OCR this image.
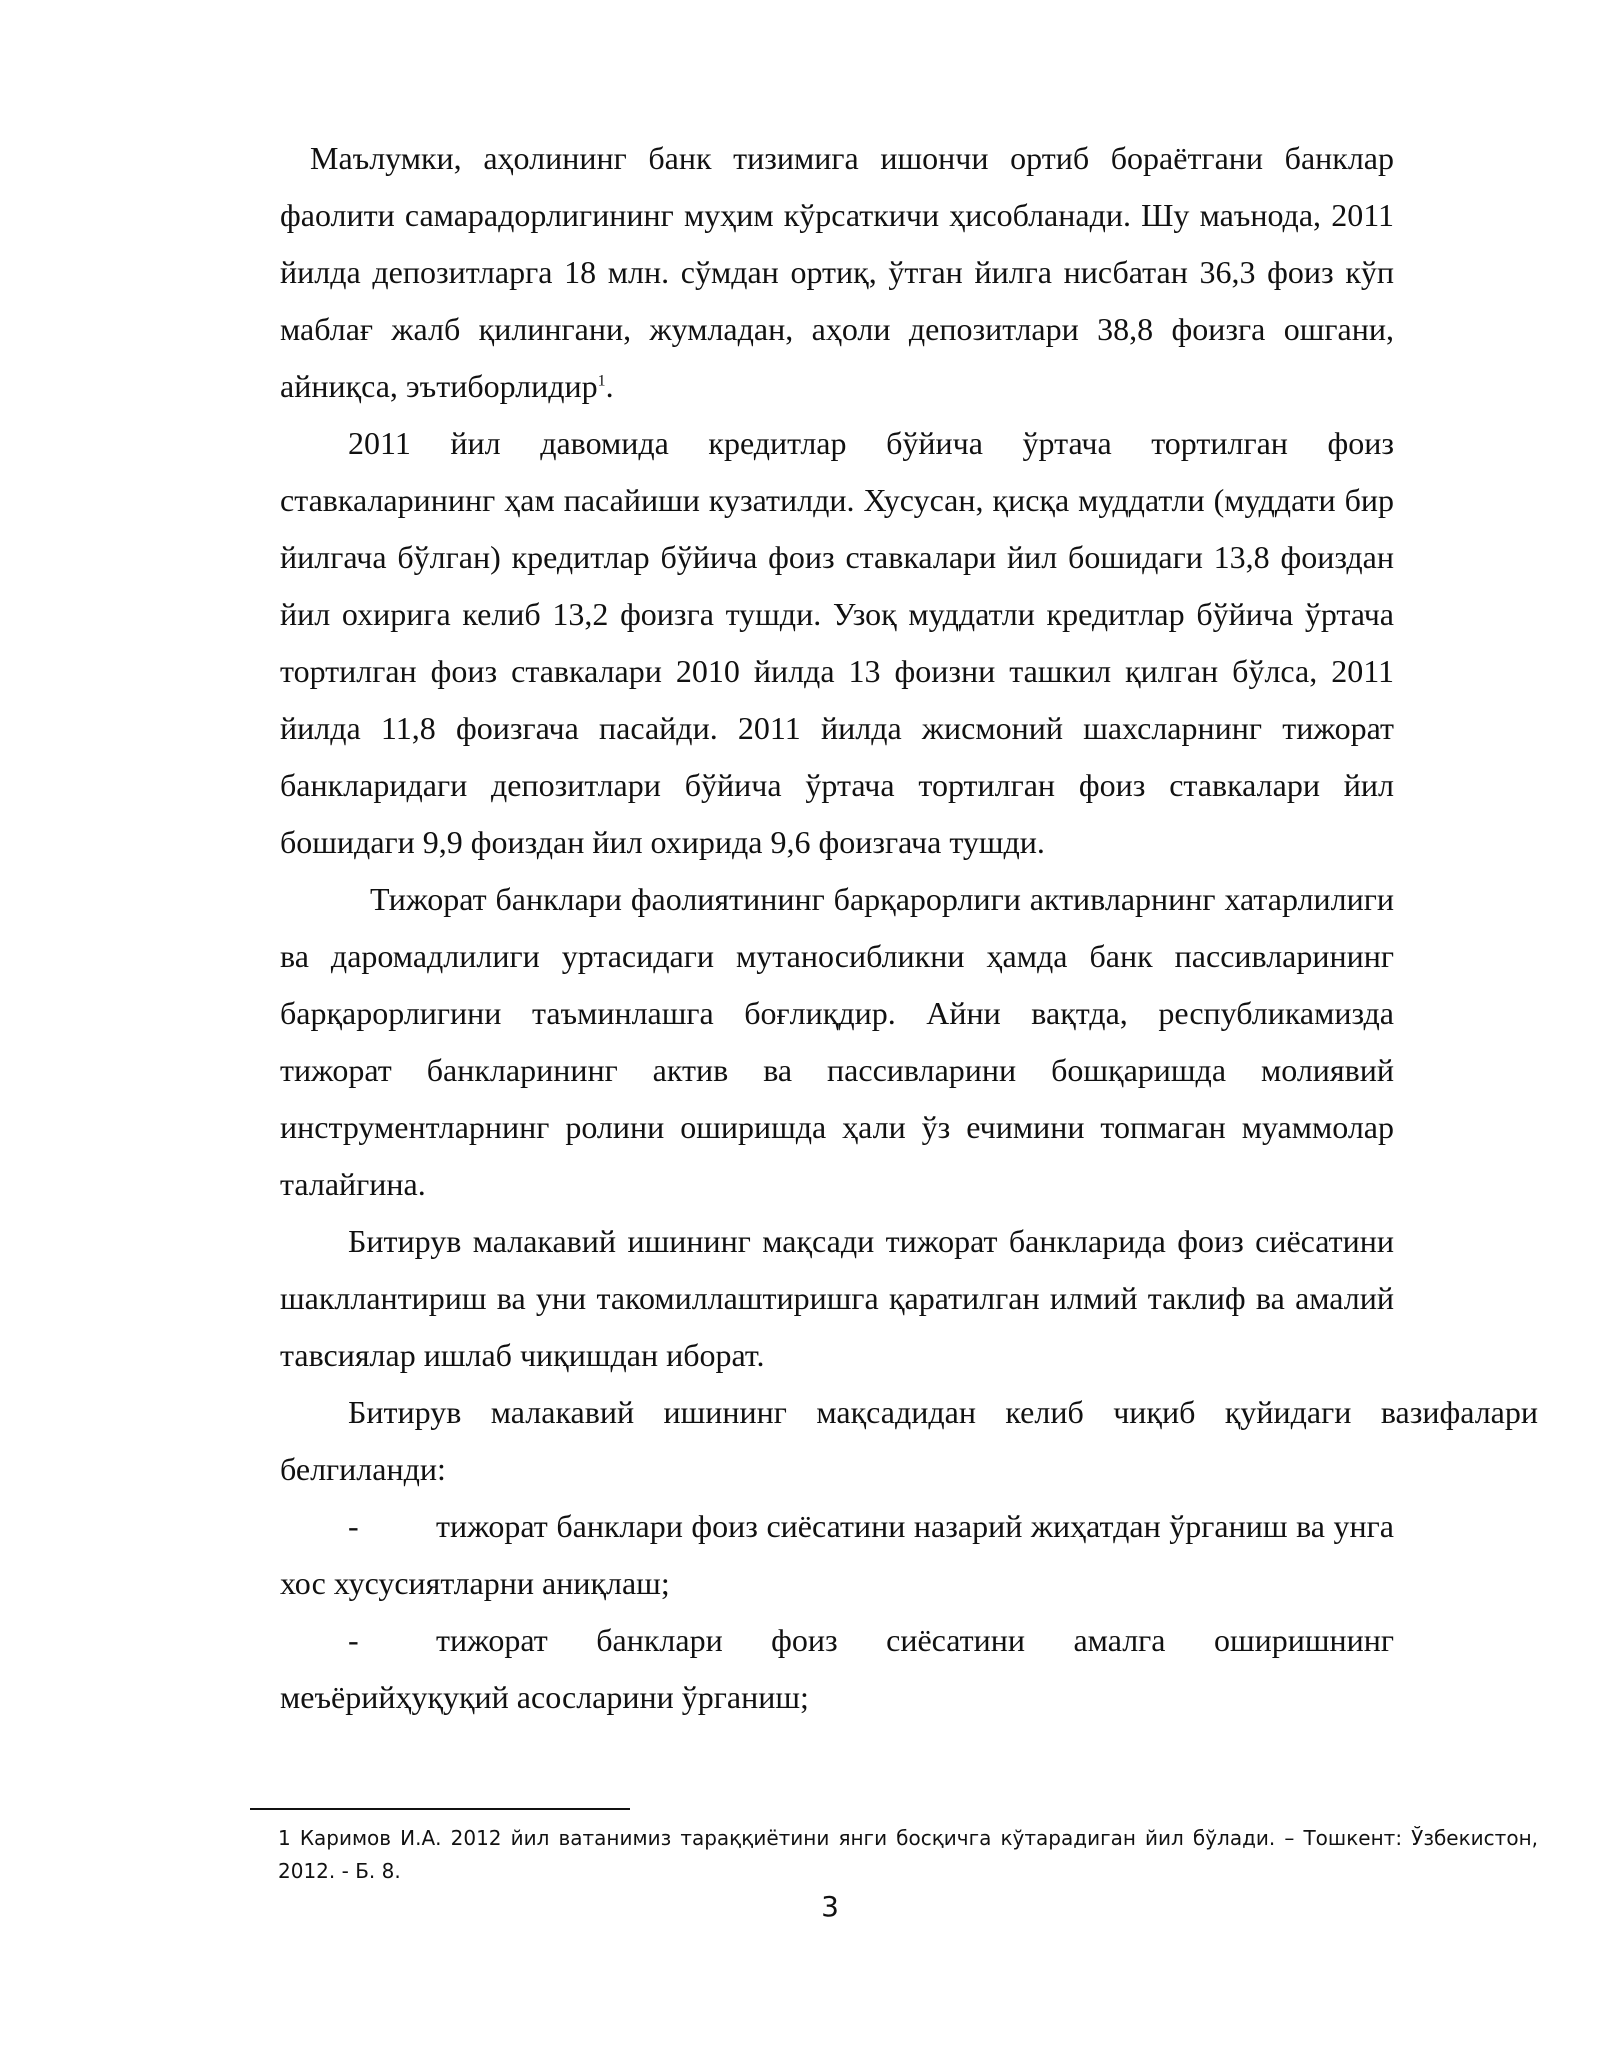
Маълумки, аҳолининг банк тизимига ишончи ортиб бораётгани банклар фаолити самарадорлигининг муҳим кўрсаткичи ҳисобланади. Шу маънода, 2011 йилда депозитларга 18 млн. сўмдан ортиқ, ўтган йилга нисбатан 36,3 фоиз кўп маблағ жалб қилингани, жумладан, аҳоли депозитлари 38,8 фоизга ошгани, айниқса, эътиборлидир$^1$.

2011 йил давомида кредитлар бўйича ўртача тортилган фоиз ставкаларининг ҳам пасайиши кузатилди. Хусусан, қисқа муддатли (муддати бир йилгача бўлган) кредитлар бўйича фоиз ставкалари йил бошидаги 13,8 фоиздан йил охирига келиб 13,2 фоизга тушди. Узоқ муддатли кредитлар бўйича ўртача тортилган фоиз ставкалари 2010 йилда 13 фоизни ташкил қилган бўлса, 2011 йилда 11,8 фоизгача пасайди. 2011 йилда жисмоний шахсларнинг тижорат банкларидаги депозитлари бўйича ўртача тортилган фоиз ставкалари йил бошидаги 9,9 фоиздан йил охирида 9,6 фоизгача тушди.

Тижорат банклари фаолиятининг барқарорлиги активларнинг хатарлилиги ва даромадлилиги уртасидаги мутаносибликни ҳамда банк пассивларининг барқарорлигини таъминлашга боғлиқдир. Айни вақтда, республикамизда тижорат банкларининг актив ва пассивларини бошқаришда молиявий инструментларнинг ролини оширишда ҳали ўз ечимини топмаган муаммолар талайгина.

Битирув малакавий ишининг мақсади тижорат банкларида фоиз сиёсатини шакллантириш ва уни такомиллаштиришга қаратилган илмий таклиф ва амалий тавсиялар ишлаб чиқишдан иборат.

Битирув малакавий ишининг мақсадидан келиб чиқиб қуйидаги вазифалари белгиланди:

- тижорат банклари фоиз сиёсатини назарий жиҳатдан ўрганиш ва унга хос хусусиятларни аниқлаш;

- тижорат банклари фоиз сиёсатини амалга оширишнинг меъёрийҳуқуқий асосларини ўрганиш;

1 Каримов И.А. 2012 йил ватанимиз тараққиётини янги босқичга кўтарадиган йил бўлади. – Тошкент: Ўзбекистон, 2012. - Б. 8.
3
